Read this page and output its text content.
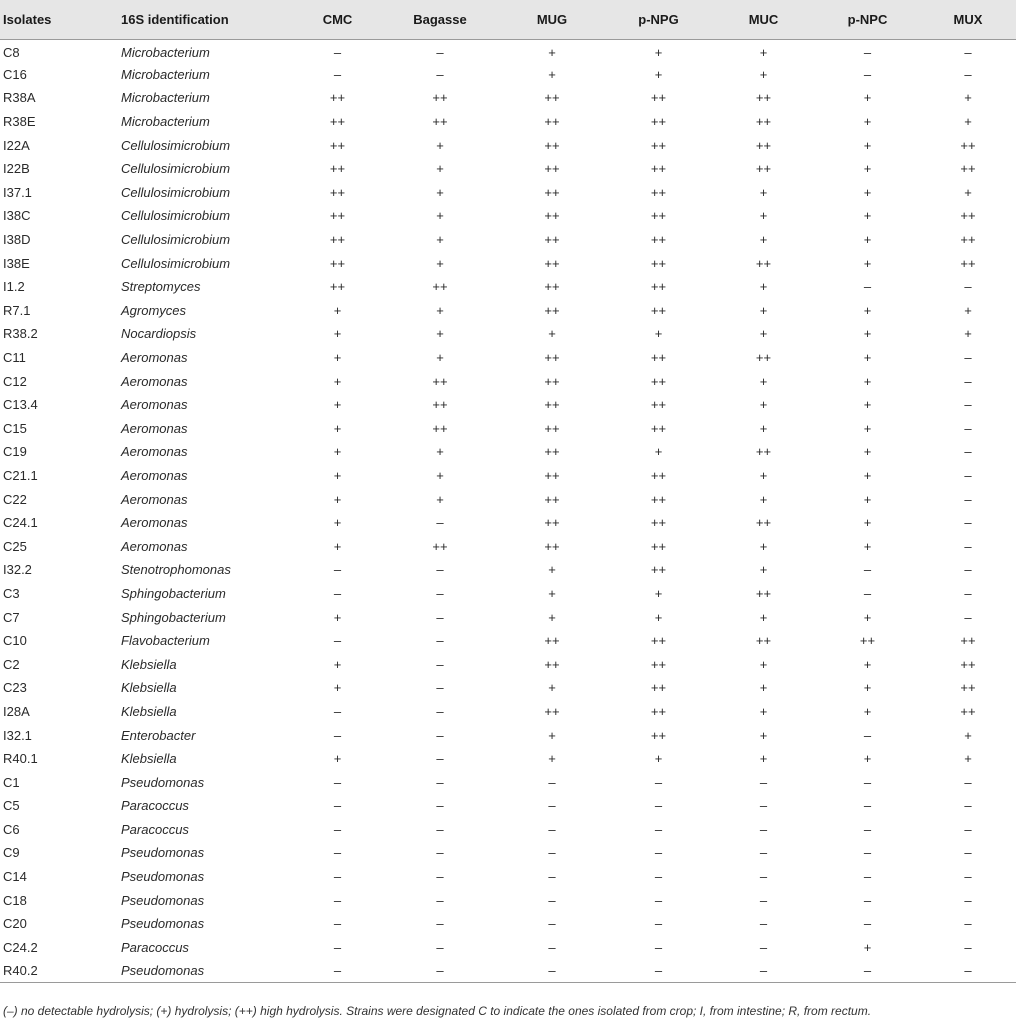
Isolates	16S identification	CMC	Bagasse	MUG	p-NPG	MUC	p-NPC	MUX
C8	Microbacterium	–	–	+	+	+	–	–
C16	Microbacterium	–	–	+	+	+	–	–
R38A	Microbacterium	++	++	++	++	++	+	+
R38E	Microbacterium	++	++	++	++	++	+	+
I22A	Cellulosimicrobium	++	+	++	++	++	+	++
I22B	Cellulosimicrobium	++	+	++	++	++	+	++
I37.1	Cellulosimicrobium	++	+	++	++	+	+	+
I38C	Cellulosimicrobium	++	+	++	++	+	+	++
I38D	Cellulosimicrobium	++	+	++	++	+	+	++
I38E	Cellulosimicrobium	++	+	++	++	++	+	++
I1.2	Streptomyces	++	++	++	++	+	–	–
R7.1	Agromyces	+	+	++	++	+	+	+
R38.2	Nocardiopsis	+	+	+	+	+	+	+
C11	Aeromonas	+	+	++	++	++	+	–
C12	Aeromonas	+	++	++	++	+	+	–
C13.4	Aeromonas	+	++	++	++	+	+	–
C15	Aeromonas	+	++	++	++	+	+	–
C19	Aeromonas	+	+	++	+	++	+	–
C21.1	Aeromonas	+	+	++	++	+	+	–
C22	Aeromonas	+	+	++	++	+	+	–
C24.1	Aeromonas	+	–	++	++	++	+	–
C25	Aeromonas	+	++	++	++	+	+	–
I32.2	Stenotrophomonas	–	–	+	++	+	–	–
C3	Sphingobacterium	–	–	+	+	++	–	–
C7	Sphingobacterium	+	–	+	+	+	+	–
C10	Flavobacterium	–	–	++	++	++	++	++
C2	Klebsiella	+	–	++	++	+	+	++
C23	Klebsiella	+	–	+	++	+	+	++
I28A	Klebsiella	–	–	++	++	+	+	++
I32.1	Enterobacter	–	–	+	++	+	–	+
R40.1	Klebsiella	+	–	+	+	+	+	+
C1	Pseudomonas	–	–	–	–	–	–	–
C5	Paracoccus	–	–	–	–	–	–	–
C6	Paracoccus	–	–	–	–	–	–	–
C9	Pseudomonas	–	–	–	–	–	–	–
C14	Pseudomonas	–	–	–	–	–	–	–
C18	Pseudomonas	–	–	–	–	–	–	–
C20	Pseudomonas	–	–	–	–	–	–	–
C24.2	Paracoccus	–	–	–	–	–	+	–
R40.2	Pseudomonas	–	–	–	–	–	–	–
(–) no detectable hydrolysis; (+) hydrolysis; (++) high hydrolysis. Strains were designated C to indicate the ones isolated from crop; I, from intestine; R, from rectum.
